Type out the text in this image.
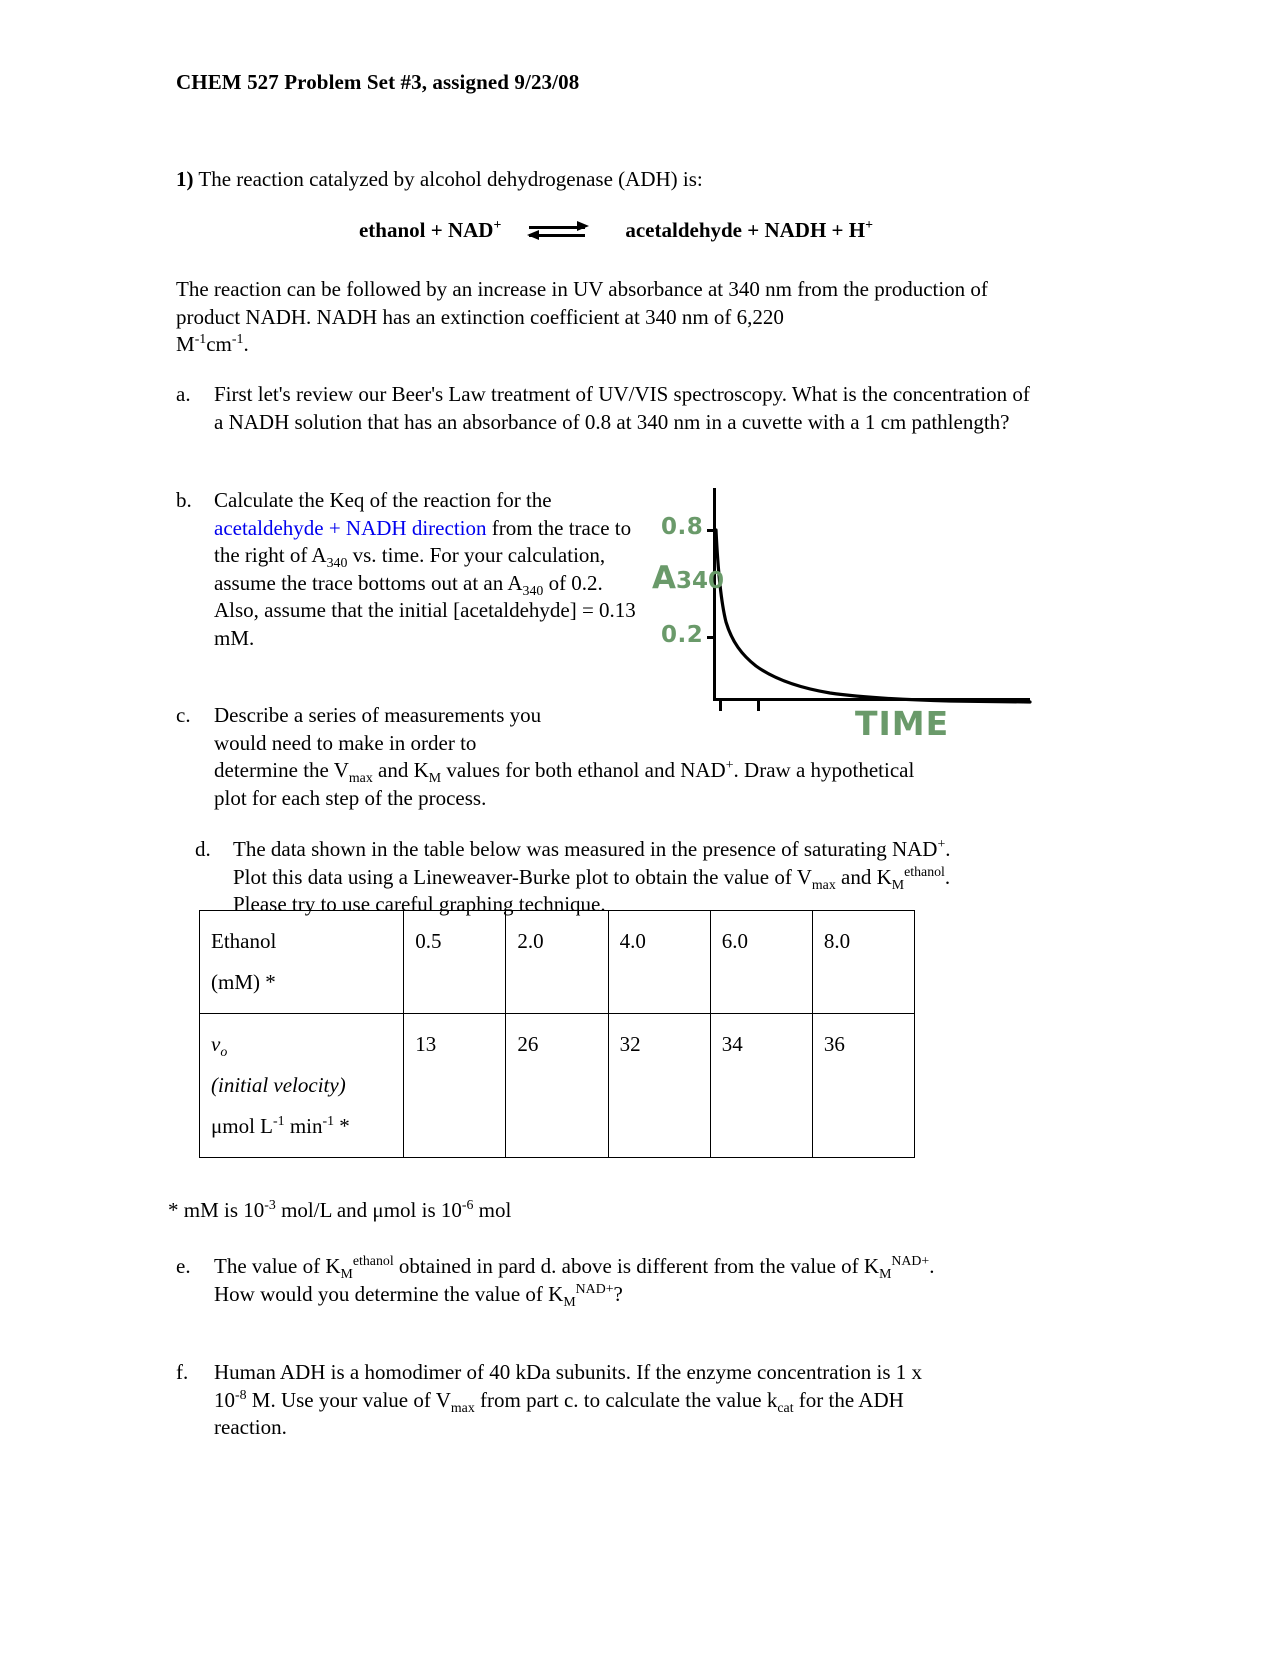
CHEM 527 Problem Set #3, assigned 9/23/08
1) The reaction catalyzed by alcohol dehydrogenase (ADH) is:
ethanol + NAD+	acetaldehyde + NADH + H+
The reaction can be followed by an increase in UV absorbance at 340 nm from the production of product NADH. NADH has an extinction coefficient at 340 nm of 6,220
$M^{-1}cm^{-1}$.
a.	First let's review our Beer's Law treatment of UV/VIS spectroscopy. What is the concentration of a NADH solution that has an absorbance of 0.8 at 340 nm in a cuvette with a 1 cm pathlength?
b.	Calculate the Keq of the reaction for the acetaldehyde + NADH direction from the trace to the right of $A_{340}$ vs. time. For your calculation, assume the trace bottoms out at an $A_{340}$ of 0.2. Also, assume that the initial [acetaldehyde] = 0.13 mM.
0.8
0.2
A340
TIME
c.	Describe a series of measurements you
would need to make in order to
determine the $V_{max}$ and $K_M$ values for both ethanol and NAD+. Draw a hypothetical
plot for each step of the process.
d.	The data shown in the table below was measured in the presence of saturating NAD+.
Plot this data using a Lineweaver-Burke plot to obtain the value of $V_{max}$ and $K_M^{ethanol}$.
Please try to use careful graphing technique.
Ethanol
(mM) *	0.5	2.0	4.0	6.0	8.0

$v_o$
(initial velocity)
μmol $L^{-1}$ $\min^{-1}$ *	13	26	32	34	36
* mM is $10^{-3}$ mol/L and μmol is $10^{-6}$ mol
e.	The value of $K_M^{ethanol}$ obtained in pard d. above is different from the value of $K_M^{NAD+}$.
How would you determine the value of $K_M^{NAD+}$?
f.	Human ADH is a homodimer of 40 kDa subunits. If the enzyme concentration is 1 x
$10^{-8}$ M. Use your value of $V_{max}$ from part c. to calculate the value $k_{cat}$ for the ADH
reaction.
